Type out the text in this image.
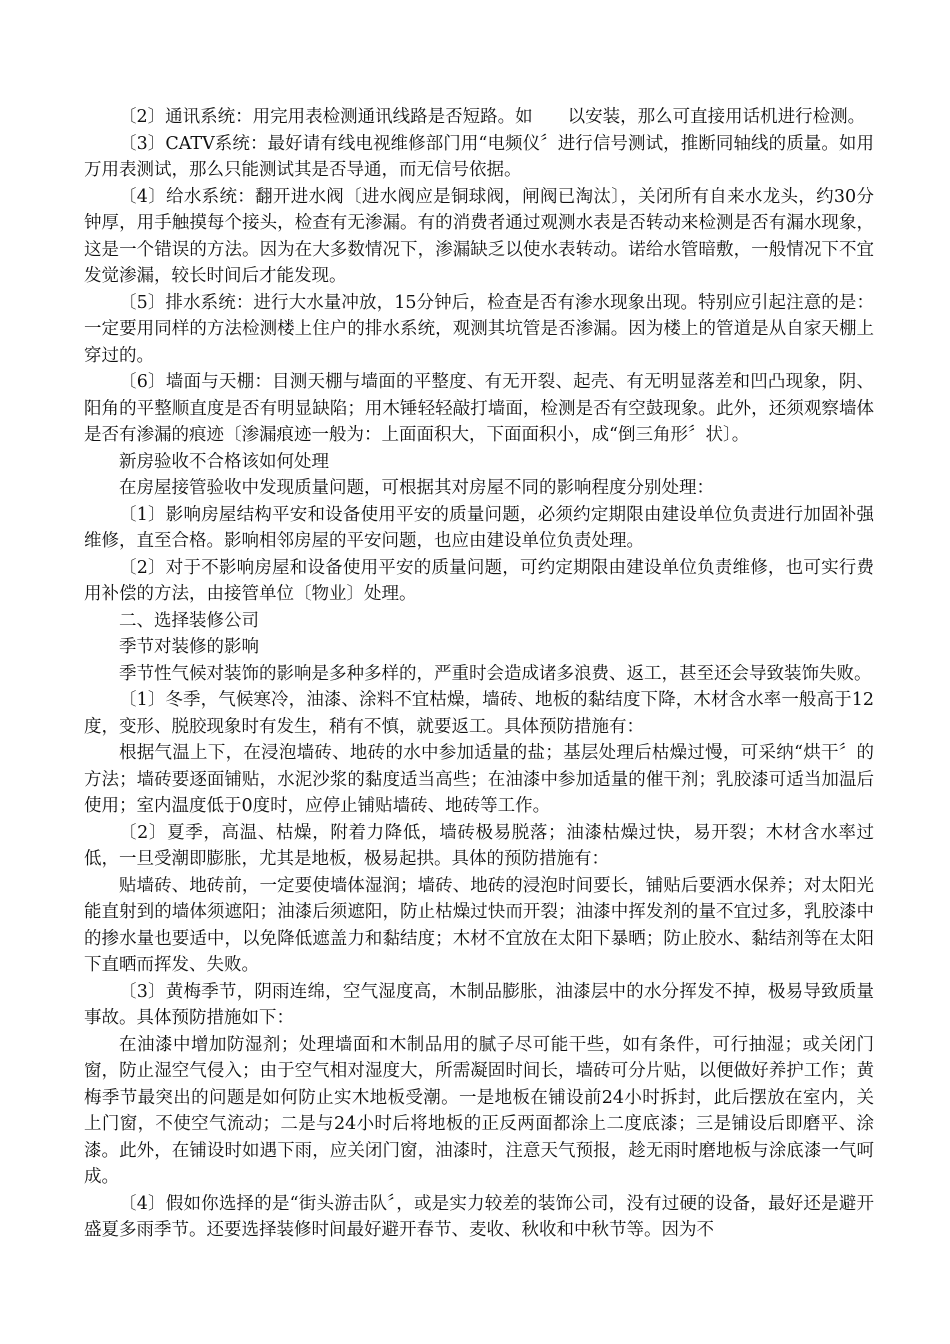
〔2〕通讯系统：用完用表检测通讯线路是否短路。如　　以安装，那么可直接用话机进行检测。

〔3〕CATV系统：最好请有线电视维修部门用“电频仪〞进行信号测试，推断同轴线的质量。如用万用表测试，那么只能测试其是否导通，而无信号依据。

〔4〕给水系统：翻开进水阀〔进水阀应是铜球阀，闸阀已淘汰〕，关闭所有自来水龙头，约30分钟厚，用手触摸每个接头，检查有无渗漏。有的消费者通过观测水表是否转动来检测是否有漏水现象，这是一个错误的方法。因为在大多数情况下，渗漏缺乏以使水表转动。诺给水管暗敷，一般情况下不宜发觉渗漏，较长时间后才能发现。

〔5〕排水系统：进行大水量冲放，15分钟后，检查是否有渗水现象出现。特别应引起注意的是：一定要用同样的方法检测楼上住户的排水系统，观测其坑管是否渗漏。因为楼上的管道是从自家天棚上穿过的。

〔6〕墙面与天棚：目测天棚与墙面的平整度、有无开裂、起壳、有无明显落差和凹凸现象，阴、阳角的平整顺直度是否有明显缺陷；用木锤轻轻敲打墙面，检测是否有空鼓现象。此外，还须观察墙体是否有渗漏的痕迹〔渗漏痕迹一般为：上面面积大，下面面积小，成“倒三角形〞状〕。

新房验收不合格该如何处理

在房屋接管验收中发现质量问题，可根据其对房屋不同的影响程度分别处理：

〔1〕影响房屋结构平安和设备使用平安的质量问题，必须约定期限由建设单位负责进行加固补强维修，直至合格。影响相邻房屋的平安问题，也应由建设单位负责处理。

〔2〕对于不影响房屋和设备使用平安的质量问题，可约定期限由建设单位负责维修，也可实行费用补偿的方法，由接管单位〔物业〕处理。

二、选择装修公司

季节对装修的影响

季节性气候对装饰的影响是多种多样的，严重时会造成诸多浪费、返工，甚至还会导致装饰失败。

〔1〕冬季，气候寒冷，油漆、涂料不宜枯燥，墙砖、地板的黏结度下降，木材含水率一般高于12度，变形、脱胶现象时有发生，稍有不慎，就要返工。具体预防措施有：

根据气温上下，在浸泡墙砖、地砖的水中参加适量的盐；基层处理后枯燥过慢，可采纳“烘干〞的方法；墙砖要逐面铺贴，水泥沙浆的黏度适当高些；在油漆中参加适量的催干剂；乳胶漆可适当加温后使用；室内温度低于0度时，应停止铺贴墙砖、地砖等工作。

〔2〕夏季，高温、枯燥，附着力降低，墙砖极易脱落；油漆枯燥过快，易开裂；木材含水率过低，一旦受潮即膨胀，尤其是地板，极易起拱。具体的预防措施有：

贴墙砖、地砖前，一定要使墙体湿润；墙砖、地砖的浸泡时间要长，铺贴后要洒水保养；对太阳光能直射到的墙体须遮阳；油漆后须遮阳，防止枯燥过快而开裂；油漆中挥发剂的量不宜过多，乳胶漆中的掺水量也要适中，以免降低遮盖力和黏结度；木材不宜放在太阳下暴晒；防止胶水、黏结剂等在太阳下直晒而挥发、失败。

〔3〕黄梅季节，阴雨连绵，空气湿度高，木制品膨胀，油漆层中的水分挥发不掉，极易导致质量事故。具体预防措施如下：

在油漆中增加防湿剂；处理墙面和木制品用的腻子尽可能干些，如有条件，可行抽湿；或关闭门窗，防止湿空气侵入；由于空气相对湿度大，所需凝固时间长，墙砖可分片贴，以便做好养护工作；黄梅季节最突出的问题是如何防止实木地板受潮。一是地板在铺设前24小时拆封，此后摆放在室内，关上门窗，不使空气流动；二是与24小时后将地板的正反两面都涂上二度底漆；三是铺设后即磨平、涂漆。此外，在铺设时如遇下雨，应关闭门窗，油漆时，注意天气预报，趁无雨时磨地板与涂底漆一气呵成。

〔4〕假如你选择的是“街头游击队〞，或是实力较差的装饰公司，没有过硬的设备，最好还是避开盛夏多雨季节。还要选择装修时间最好避开春节、麦收、秋收和中秋节等。因为不
